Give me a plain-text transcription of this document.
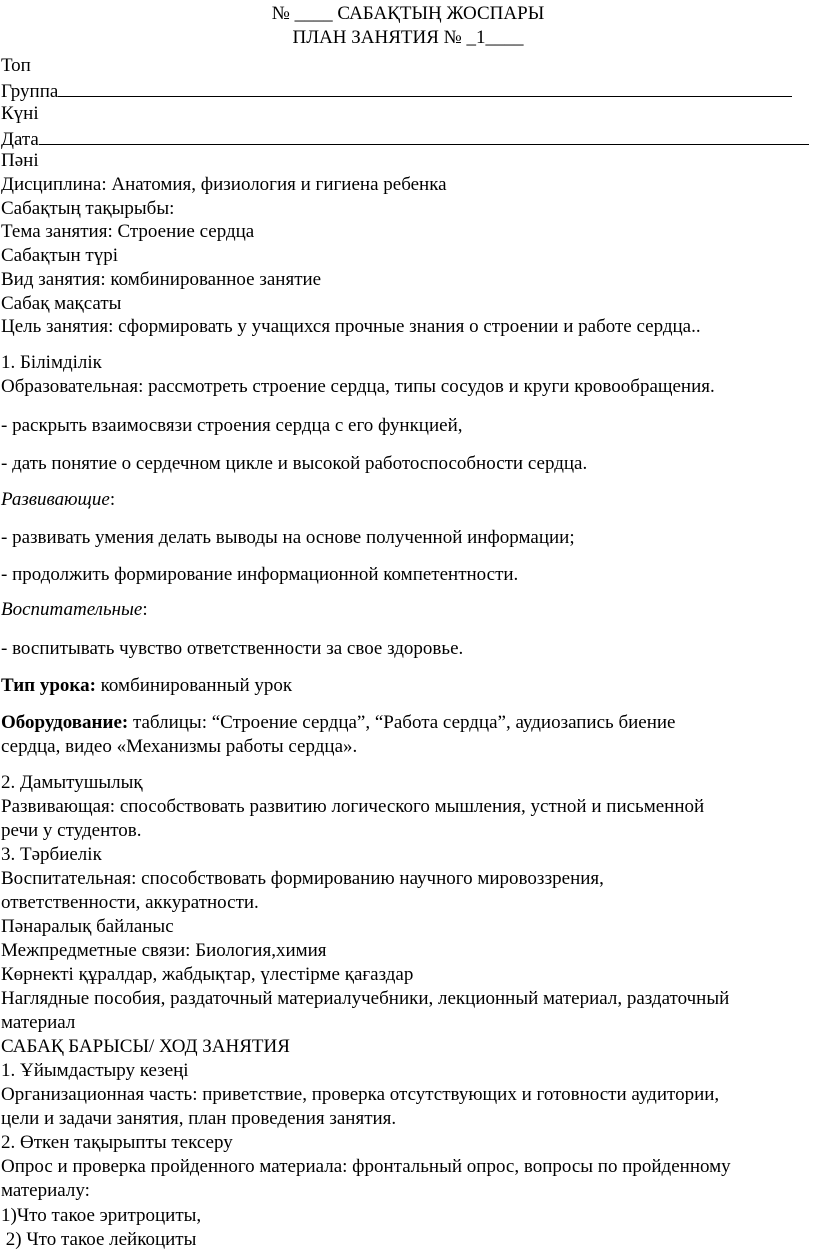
№ ____ САБАҚТЫҢ ЖОСПАРЫ
ПЛАН ЗАНЯТИЯ № _1____
Топ
Группа
Күні
Дата
Пәні
Дисциплина: Анатомия, физиология и гигиена ребенка
Сабақтың тақырыбы:
Тема занятия: Строение сердца
Сабақтын түрі
Вид занятия: комбинированное занятие
Сабақ мақсаты
Цель занятия: сформировать у учащихся прочные знания о строении и работе сердца..
1. Білімділік
Образовательная: рассмотреть строение сердца, типы сосудов и круги кровообращения.
- раскрыть взаимосвязи строения сердца с его функцией,
- дать понятие о сердечном цикле и высокой работоспособности сердца.
Развивающие:
- развивать умения делать выводы на основе полученной информации;
- продолжить формирование информационной компетентности.
Воспитательные:
- воспитывать чувство ответственности за свое здоровье.
Тип урока: комбинированный урок
Оборудование: таблицы: “Строение сердца”, “Работа сердца”, аудиозапись биение
сердца, видео «Механизмы работы сердца».
2. Дамытушылық
Развивающая: способствовать развитию логического мышления, устной и письменной
речи у студентов.
3. Тәрбиелік
Воспитательная: способствовать формированию научного мировоззрения,
ответственности, аккуратности.
Пәнаралық байланыс
Межпредметные связи: Биология,химия
Көрнекті құралдар, жабдықтар, үлестірме қағаздар
Наглядные пособия, раздаточный материалучебники, лекционный материал, раздаточный
материал
САБАҚ БАРЫСЫ/ ХОД ЗАНЯТИЯ
1. Ұйымдастыру кезеңі
Организационная часть: приветствие, проверка отсутствующих и готовности аудитории,
цели и задачи занятия, план проведения занятия.
2. Өткен тақырыпты тексеру
Опрос и проверка пройденного материала: фронтальный опрос, вопросы по пройденному
материалу:
1)Что такое эритроциты,
2) Что такое лейкоциты
